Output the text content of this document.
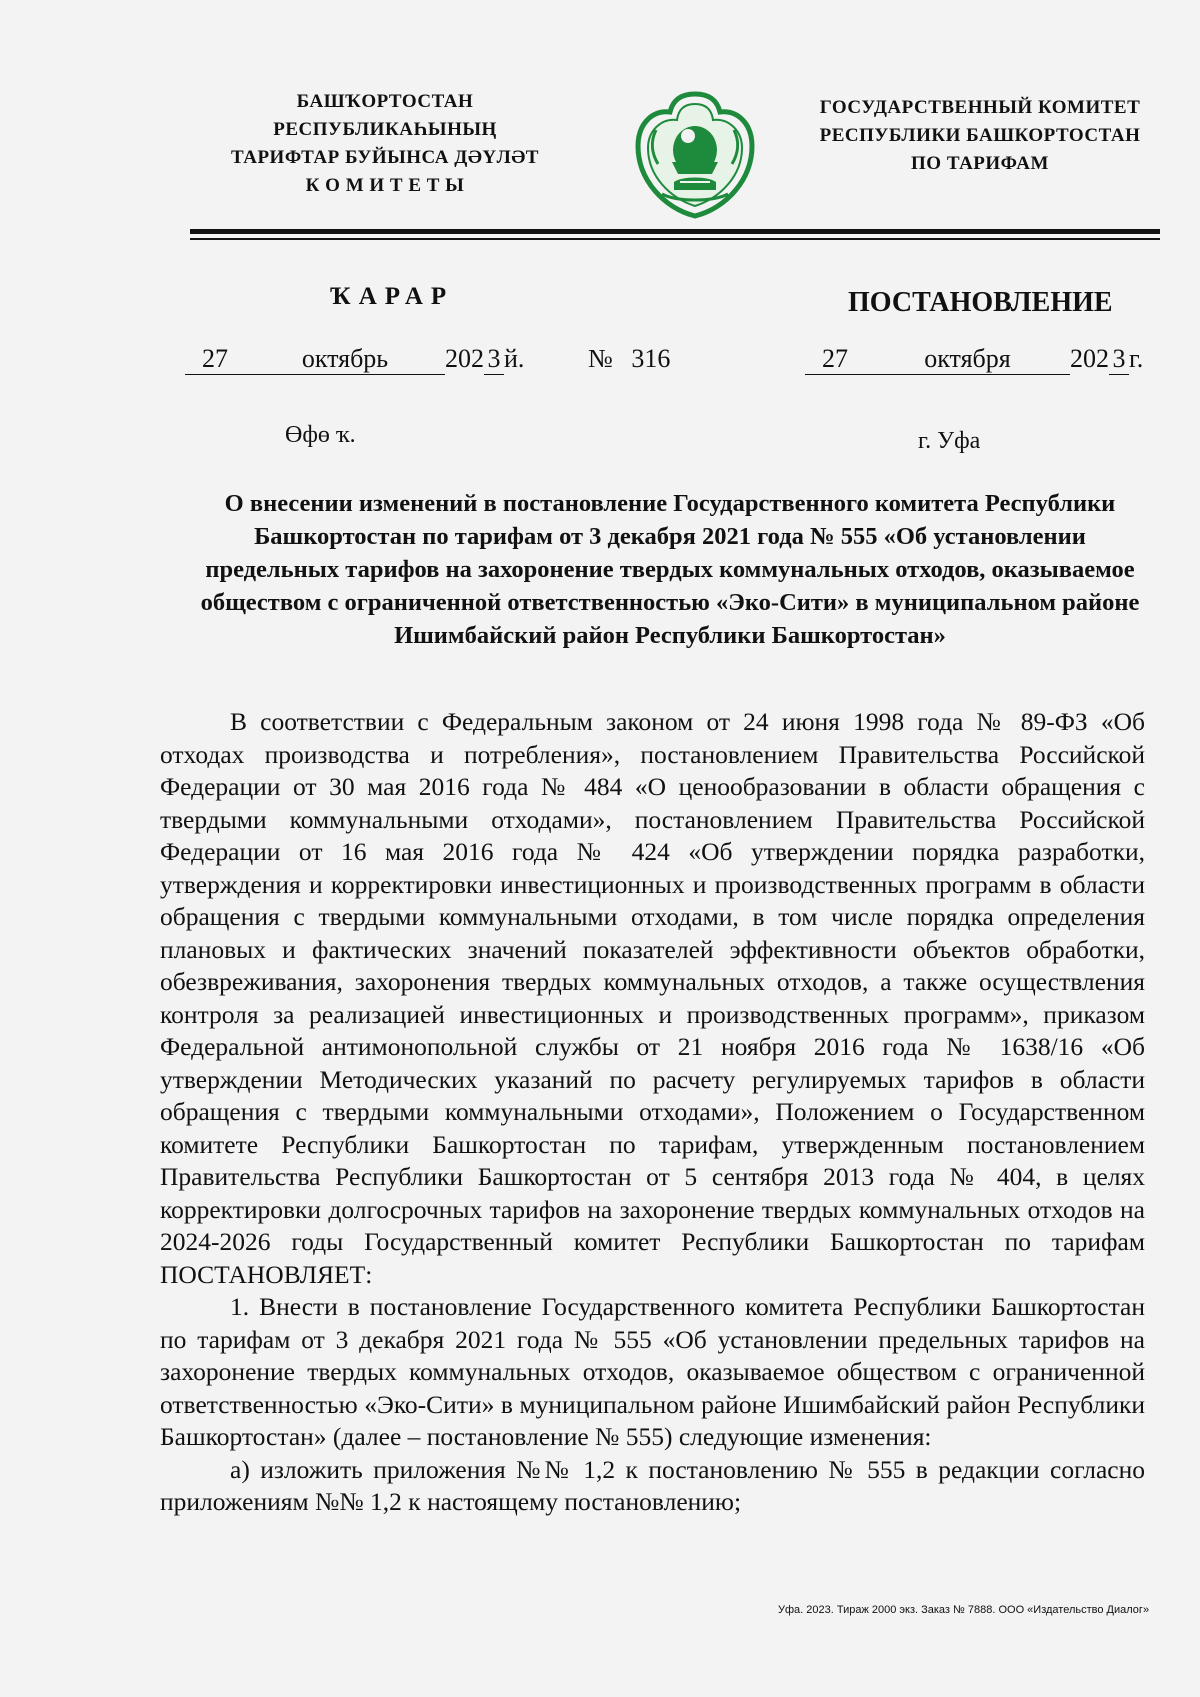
БАШҠОРТОСТАН РЕСПУБЛИКАҺЫНЫҢ
ТАРИФТАР БУЙЫНСА ДӘҮЛӘТ
К О М И Т Е Т Ы
ГОСУДАРСТВЕННЫЙ КОМИТЕТ
РЕСПУБЛИКИ БАШКОРТОСТАН
ПО ТАРИФАМ
ҠАРАР	ПОСТАНОВЛЕНИЕ
27	октябрь 202 3 й. № 316	27	октября 202 3 г.
Өфө ҡ.	г. Уфа
О внесении изменений в постановление Государственного комитета Республики Башкортостан по тарифам от 3 декабря 2021 года № 555 «Об установлении предельных тарифов на захоронение твердых коммунальных отходов, оказываемое обществом с ограниченной ответственностью «Эко-Сити» в муниципальном районе Ишимбайский район Республики Башкортостан»

В соответствии с Федеральным законом от 24 июня 1998 года № 89-ФЗ «Об отходах производства и потребления», постановлением Правительства Российской Федерации от 30 мая 2016 года № 484 «О ценообразовании в области обращения с твердыми коммунальными отходами», постановлением Правительства Российской Федерации от 16 мая 2016 года № 424 «Об утверждении порядка разработки, утверждения и корректировки инвестиционных и производственных программ в области обращения с твердыми коммунальными отходами, в том числе порядка определения плановых и фактических значений показателей эффективности объектов обработки, обезвреживания, захоронения твердых коммунальных отходов, а также осуществления контроля за реализацией инвестиционных и производственных программ», приказом Федеральной антимонопольной службы от 21 ноября 2016 года № 1638/16 «Об утверждении Методических указаний по расчету регулируемых тарифов в области обращения с твердыми коммунальными отходами», Положением о Государственном комитете Республики Башкортостан по тарифам, утвержденным постановлением Правительства Республики Башкортостан от 5 сентября 2013 года № 404, в целях корректировки долгосрочных тарифов на захоронение твердых коммунальных отходов на 2024-2026 годы Государственный комитет Республики Башкортостан по тарифам ПОСТАНОВЛЯЕТ:

1. Внести в постановление Государственного комитета Республики Башкортостан по тарифам от 3 декабря 2021 года № 555 «Об установлении предельных тарифов на захоронение твердых коммунальных отходов, оказываемое обществом с ограниченной ответственностью «Эко-Сити» в муниципальном районе Ишимбайский район Республики Башкортостан» (далее – постановление № 555) следующие изменения:

а) изложить приложения №№ 1,2 к постановлению № 555 в редакции согласно приложениям №№ 1,2 к настоящему постановлению;

Уфа. 2023. Тираж 2000 экз. Заказ № 7888. ООО «Издательство Диалог»
